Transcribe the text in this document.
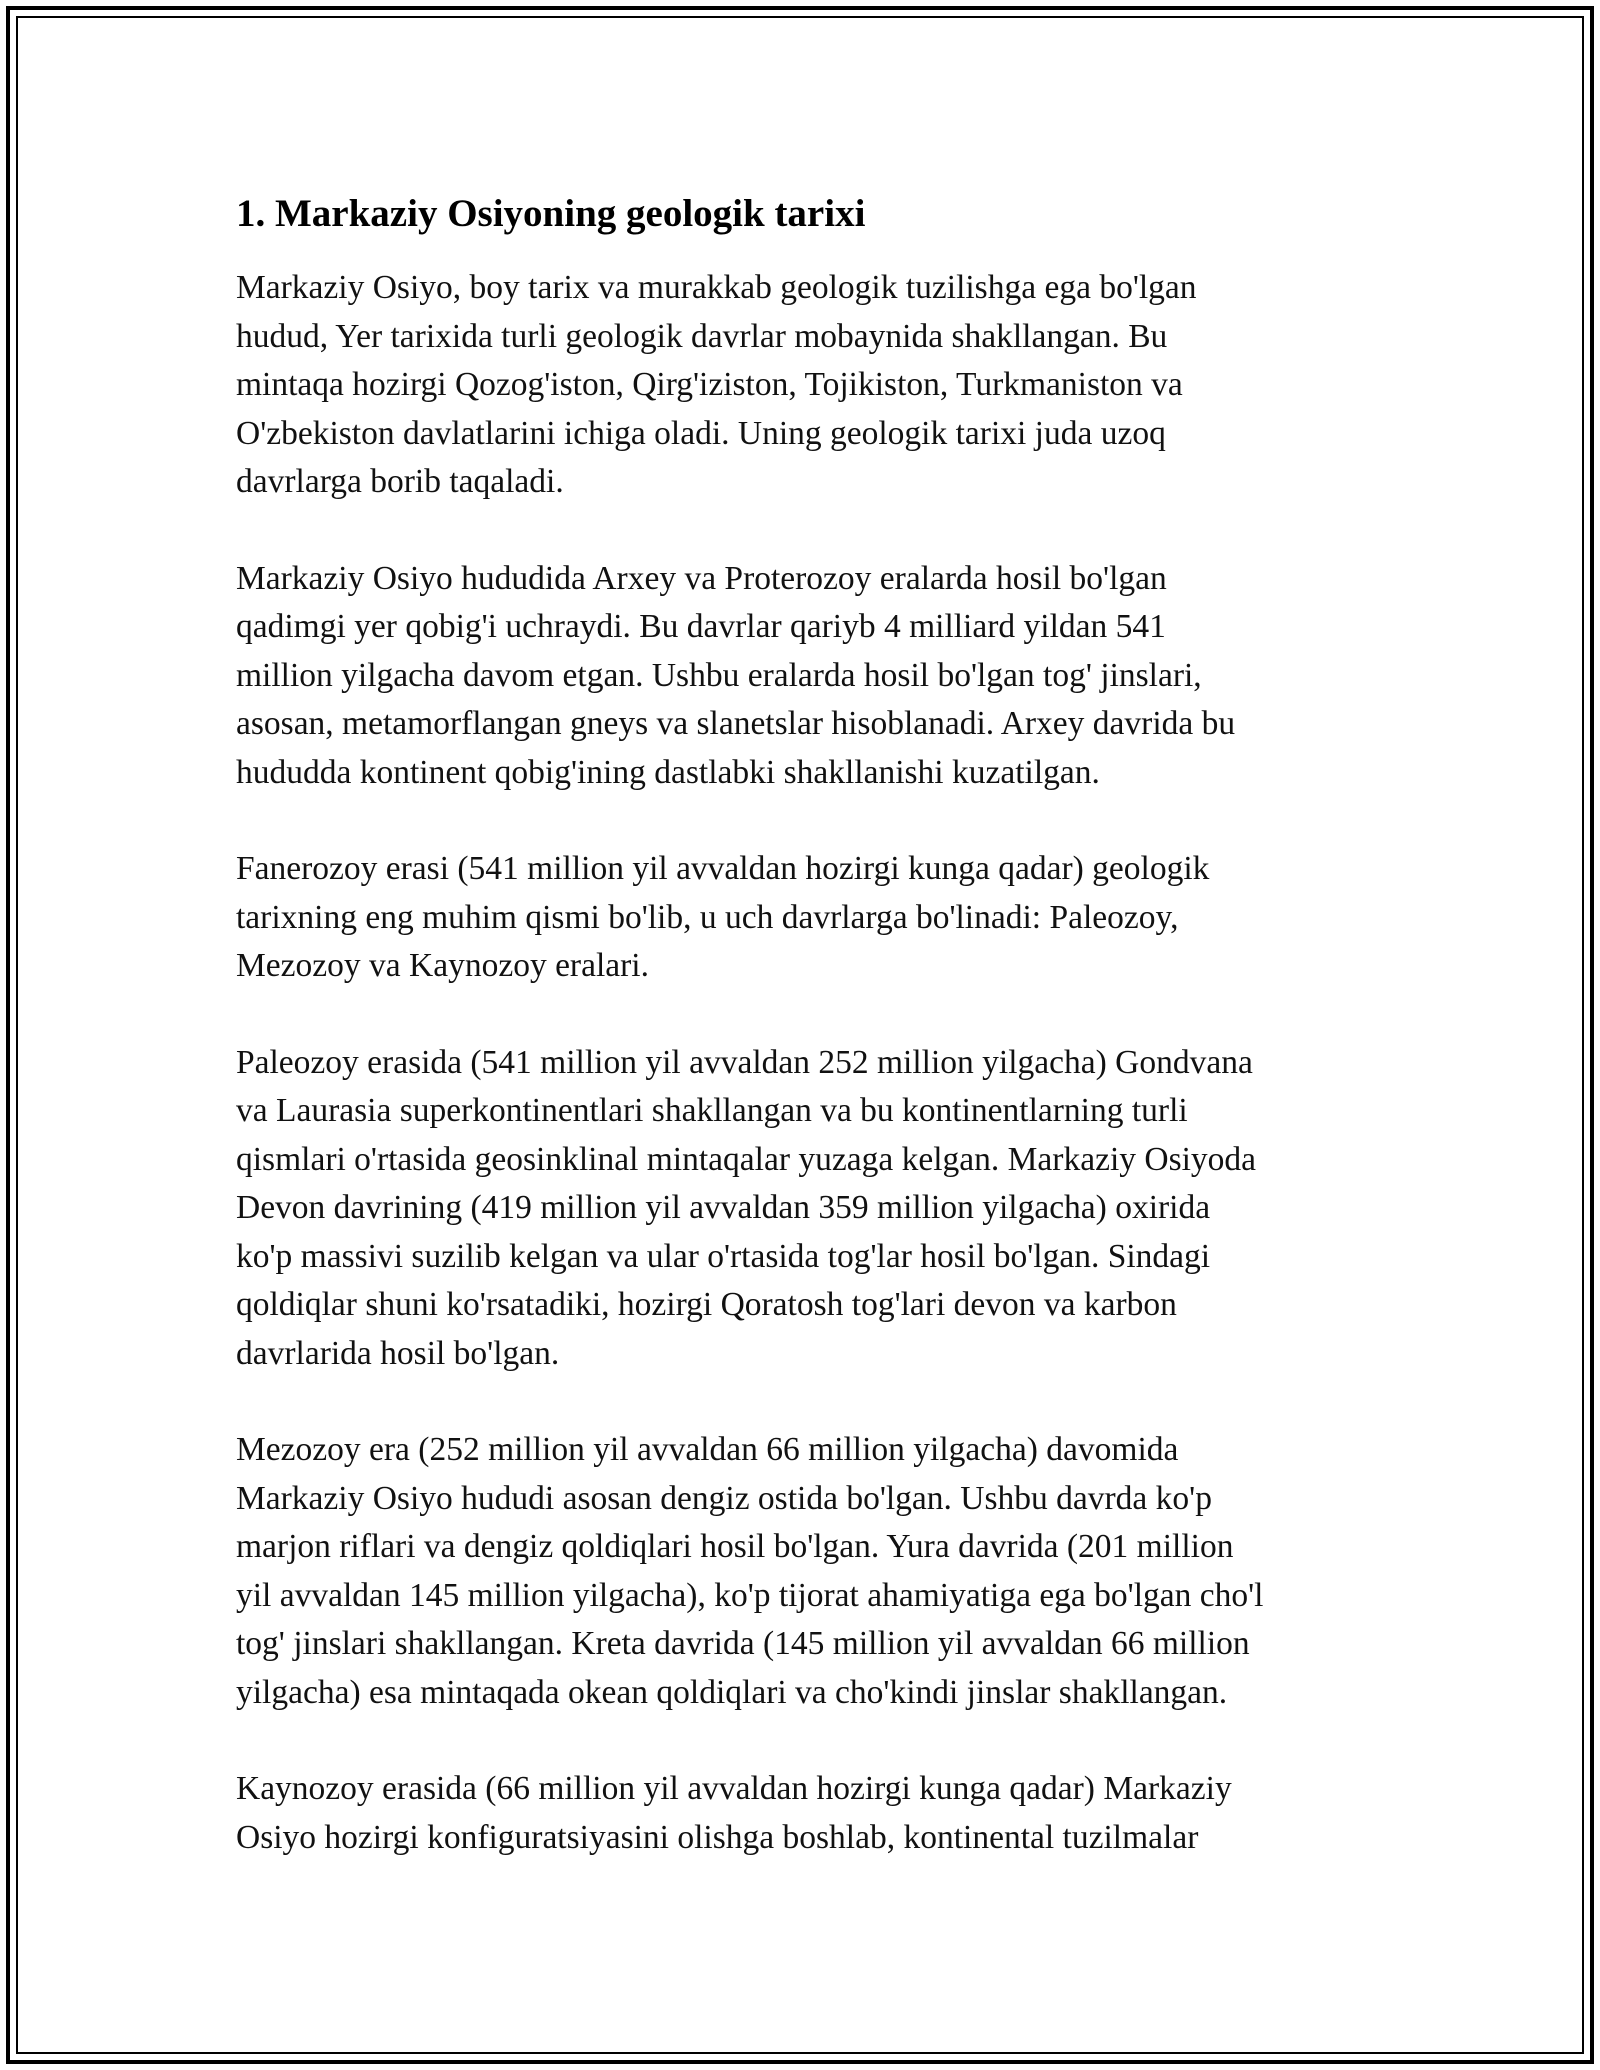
1. Markaziy Osiyoning geologik tarixi

Markaziy Osiyo, boy tarix va murakkab geologik tuzilishga ega bo'lgan
hudud, Yer tarixida turli geologik davrlar mobaynida shakllangan. Bu
mintaqa hozirgi Qozog'iston, Qirg'iziston, Tojikiston, Turkmaniston va
O'zbekiston davlatlarini ichiga oladi. Uning geologik tarixi juda uzoq
davrlarga borib taqaladi.

Markaziy Osiyo hududida Arxey va Proterozoy eralarda hosil bo'lgan
qadimgi yer qobig'i uchraydi. Bu davrlar qariyb 4 milliard yildan 541
million yilgacha davom etgan. Ushbu eralarda hosil bo'lgan tog' jinslari,
asosan, metamorflangan gneys va slanetslar hisoblanadi. Arxey davrida bu
hududda kontinent qobig'ining dastlabki shakllanishi kuzatilgan.

Fanerozoy erasi (541 million yil avvaldan hozirgi kunga qadar) geologik
tarixning eng muhim qismi bo'lib, u uch davrlarga bo'linadi: Paleozoy,
Mezozoy va Kaynozoy eralari.

Paleozoy erasida (541 million yil avvaldan 252 million yilgacha) Gondvana
va Laurasia superkontinentlari shakllangan va bu kontinentlarning turli
qismlari o'rtasida geosinklinal mintaqalar yuzaga kelgan. Markaziy Osiyoda
Devon davrining (419 million yil avvaldan 359 million yilgacha) oxirida
ko'p massivi suzilib kelgan va ular o'rtasida tog'lar hosil bo'lgan. Sindagi
qoldiqlar shuni ko'rsatadiki, hozirgi Qoratosh tog'lari devon va karbon
davrlarida hosil bo'lgan.

Mezozoy era (252 million yil avvaldan 66 million yilgacha) davomida
Markaziy Osiyo hududi asosan dengiz ostida bo'lgan. Ushbu davrda ko'p
marjon riflari va dengiz qoldiqlari hosil bo'lgan. Yura davrida (201 million
yil avvaldan 145 million yilgacha), ko'p tijorat ahamiyatiga ega bo'lgan cho'l
tog' jinslari shakllangan. Kreta davrida (145 million yil avvaldan 66 million
yilgacha) esa mintaqada okean qoldiqlari va cho'kindi jinslar shakllangan.

Kaynozoy erasida (66 million yil avvaldan hozirgi kunga qadar) Markaziy
Osiyo hozirgi konfiguratsiyasini olishga boshlab, kontinental tuzilmalar
